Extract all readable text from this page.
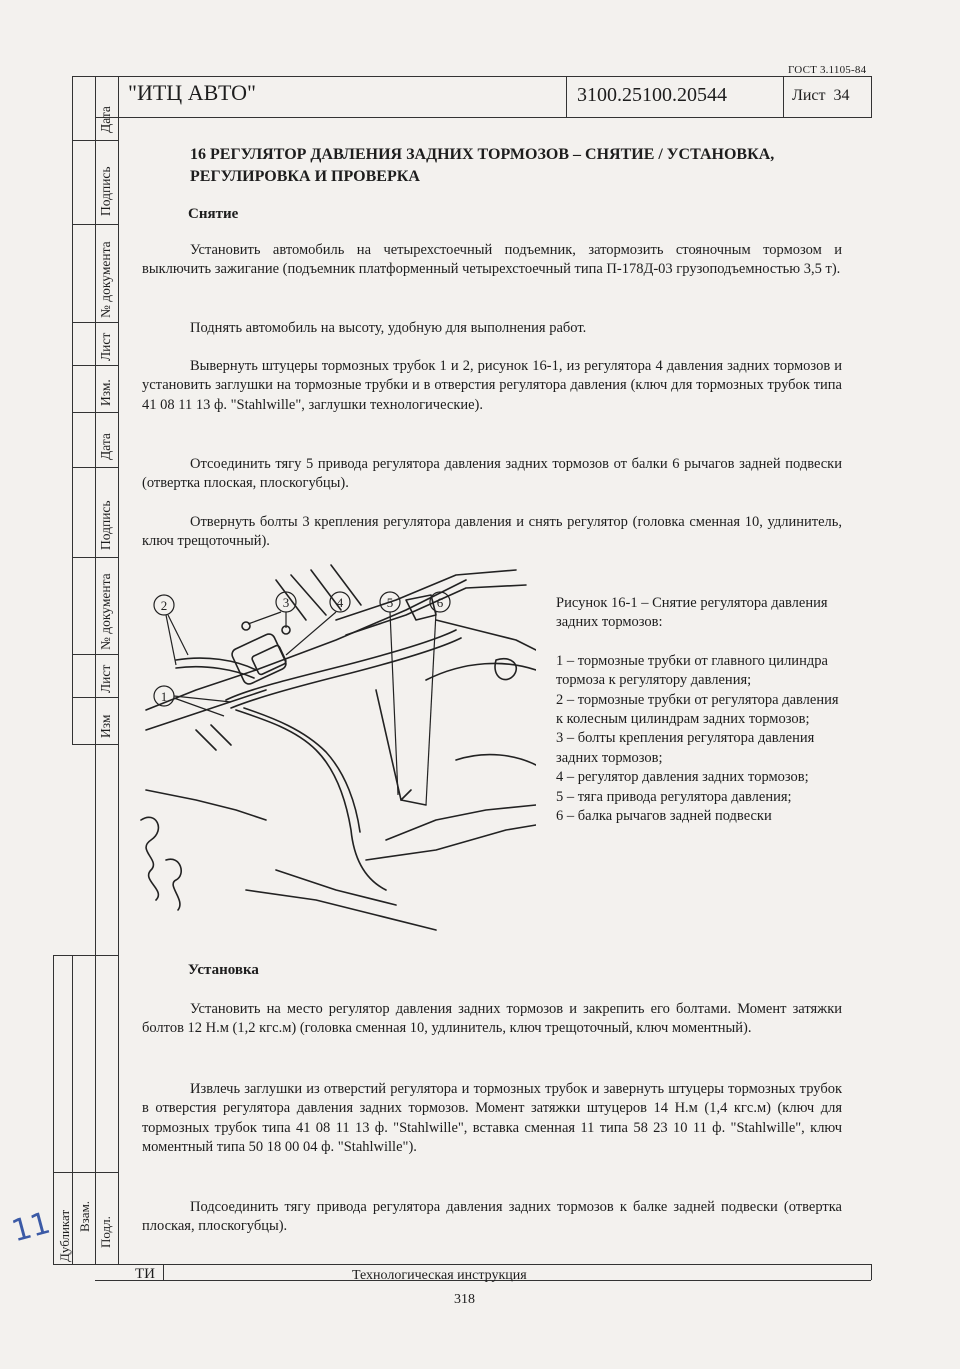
ГОСТ 3.1105-84
"ИТЦ АВТО"	3100.25100.20544	Лист 34
Дата
Подпись
№ документа
Лист
Изм.
Дата
Подпись
№ документа
Лист
Изм
Дубликат Взам. Подл.
16 РЕГУЛЯТОР ДАВЛЕНИЯ ЗАДНИХ ТОРМОЗОВ – СНЯТИЕ / УСТАНОВКА, РЕГУЛИРОВКА И ПРОВЕРКА
Снятие
Установить автомобиль на четырехстоечный подъемник, затормозить стояночным тормозом и выключить зажигание (подъемник платформенный четырехстоечный типа П-178Д-03 грузоподъемностью 3,5 т).
Поднять автомобиль на высоту, удобную для выполнения работ.
Вывернуть штуцеры тормозных трубок 1 и 2, рисунок 16-1, из регулятора 4 давления задних тормозов и установить заглушки на тормозные трубки и в отверстия регулятора давления (ключ для тормозных трубок типа 41 08 11 13 ф. "Stahlwille", заглушки технологические).
Отсоединить тягу 5 привода регулятора давления задних тормозов от балки 6 рычагов задней подвески (отвертка плоская, плоскогубцы).
Отвернуть болты 3 крепления регулятора давления и снять регулятор (головка сменная 10, удлинитель, ключ трещоточный).
2	3	4	5	6
1
Рисунок 16-1 – Снятие регулятора давления задних тормозов:
1 – тормозные трубки от главного цилиндра тормоза к регулятору давления;
2 – тормозные трубки от регулятора давления к колесным цилиндрам задних тормозов;
3 – болты крепления регулятора давления задних тормозов;
4 – регулятор давления задних тормозов;
5 – тяга привода регулятора давления;
6 – балка рычагов задней подвески
Установка
Установить на место регулятор давления задних тормозов и закрепить его болтами. Момент затяжки болтов 12 Н.м (1,2 кгс.м) (головка сменная 10, удлинитель, ключ трещоточный, ключ моментный).
Извлечь заглушки из отверстий регулятора и тормозных трубок и завернуть штуцеры тормозных трубок в отверстия регулятора давления задних тормозов. Момент затяжки штуцеров 14 Н.м (1,4 кгс.м) (ключ для тормозных трубок типа 41 08 11 13 ф. "Stahlwille", вставка сменная 11 типа 58 23 10 11 ф. "Stahlwille", ключ моментный типа 50 18 00 04 ф. "Stahlwille").
Подсоединить тягу привода регулятора давления задних тормозов к балке задней подвески (отвертка плоская, плоскогубцы).
ТИ	Технологическая инструкция
318
11
